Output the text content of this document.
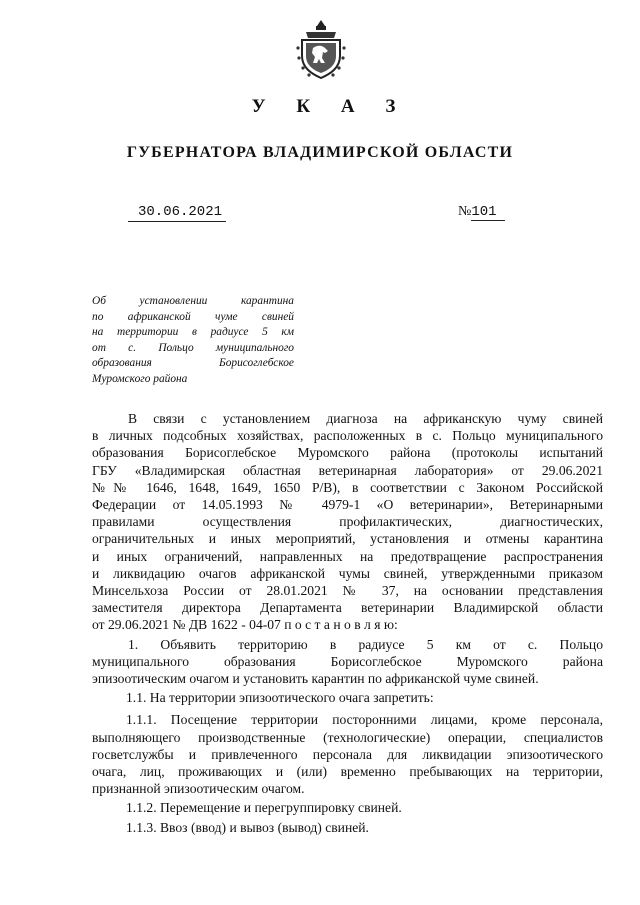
У К А З
ГУБЕРНАТОРА ВЛАДИМИРСКОЙ ОБЛАСТИ
30.06.2021	№101
Об установлении карантина
по африканской чуме свиней
на территории в радиусе 5 км
от с. Польцо муниципального
образования Борисоглебское
Муромского района
В связи с установлением диагноза на африканскую чуму свиней
в личных подсобных хозяйствах, расположенных в с. Польцо муниципального
образования Борисоглебское Муромского района (протоколы испытаний
ГБУ «Владимирская областная ветеринарная лаборатория» от 29.06.2021
№№ 1646, 1648, 1649, 1650 Р/В), в соответствии с Законом Российской
Федерации от 14.05.1993 № 4979-1 «О ветеринарии», Ветеринарными
правилами осуществления профилактических, диагностических,
ограничительных и иных мероприятий, установления и отмены карантина
и иных ограничений, направленных на предотвращение распространения
и ликвидацию очагов африканской чумы свиней, утвержденными приказом
Минсельхоза России от 28.01.2021 № 37, на основании представления
заместителя директора Департамента ветеринарии Владимирской области
от 29.06.2021 № ДВ 1622 - 04-07 п о с т а н о в л я ю:
1. Объявить территорию в радиусе 5 км от с. Польцо
муниципального образования Борисоглебское Муромского района
эпизоотическим очагом и установить карантин по африканской чуме свиней.
1.1. На территории эпизоотического очага запретить:
1.1.1. Посещение территории посторонними лицами, кроме персонала,
выполняющего производственные (технологические) операции, специалистов
госветслужбы и привлеченного персонала для ликвидации эпизоотического
очага, лиц, проживающих и (или) временно пребывающих на территории,
признанной эпизоотическим очагом.
1.1.2. Перемещение и перегруппировку свиней.
1.1.3. Ввоз (ввод) и вывоз (вывод) свиней.
